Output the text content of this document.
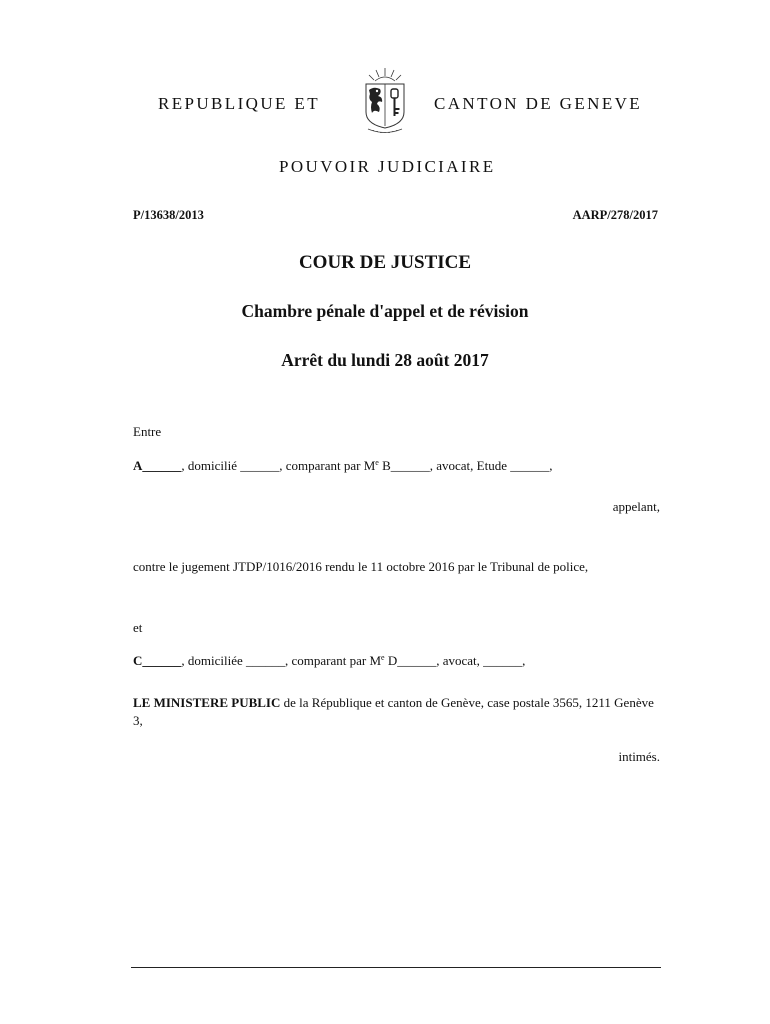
REPUBLIQUE ET	CANTON DE GENEVE
POUVOIR JUDICIAIRE
P/13638/2013	AARP/278/2017
COUR DE JUSTICE
Chambre pénale d'appel et de révision
Arrêt du lundi 28 août 2017
Entre
A______, domicilié ______, comparant par Me B______, avocat, Etude ______,
appelant,
contre le jugement JTDP/1016/2016 rendu le 11 octobre 2016 par le Tribunal de police,
et
C______, domiciliée ______, comparant par Me D______, avocat, ______,
LE MINISTERE PUBLIC de la République et canton de Genève, case postale 3565, 1211 Genève 3,
intimés.
